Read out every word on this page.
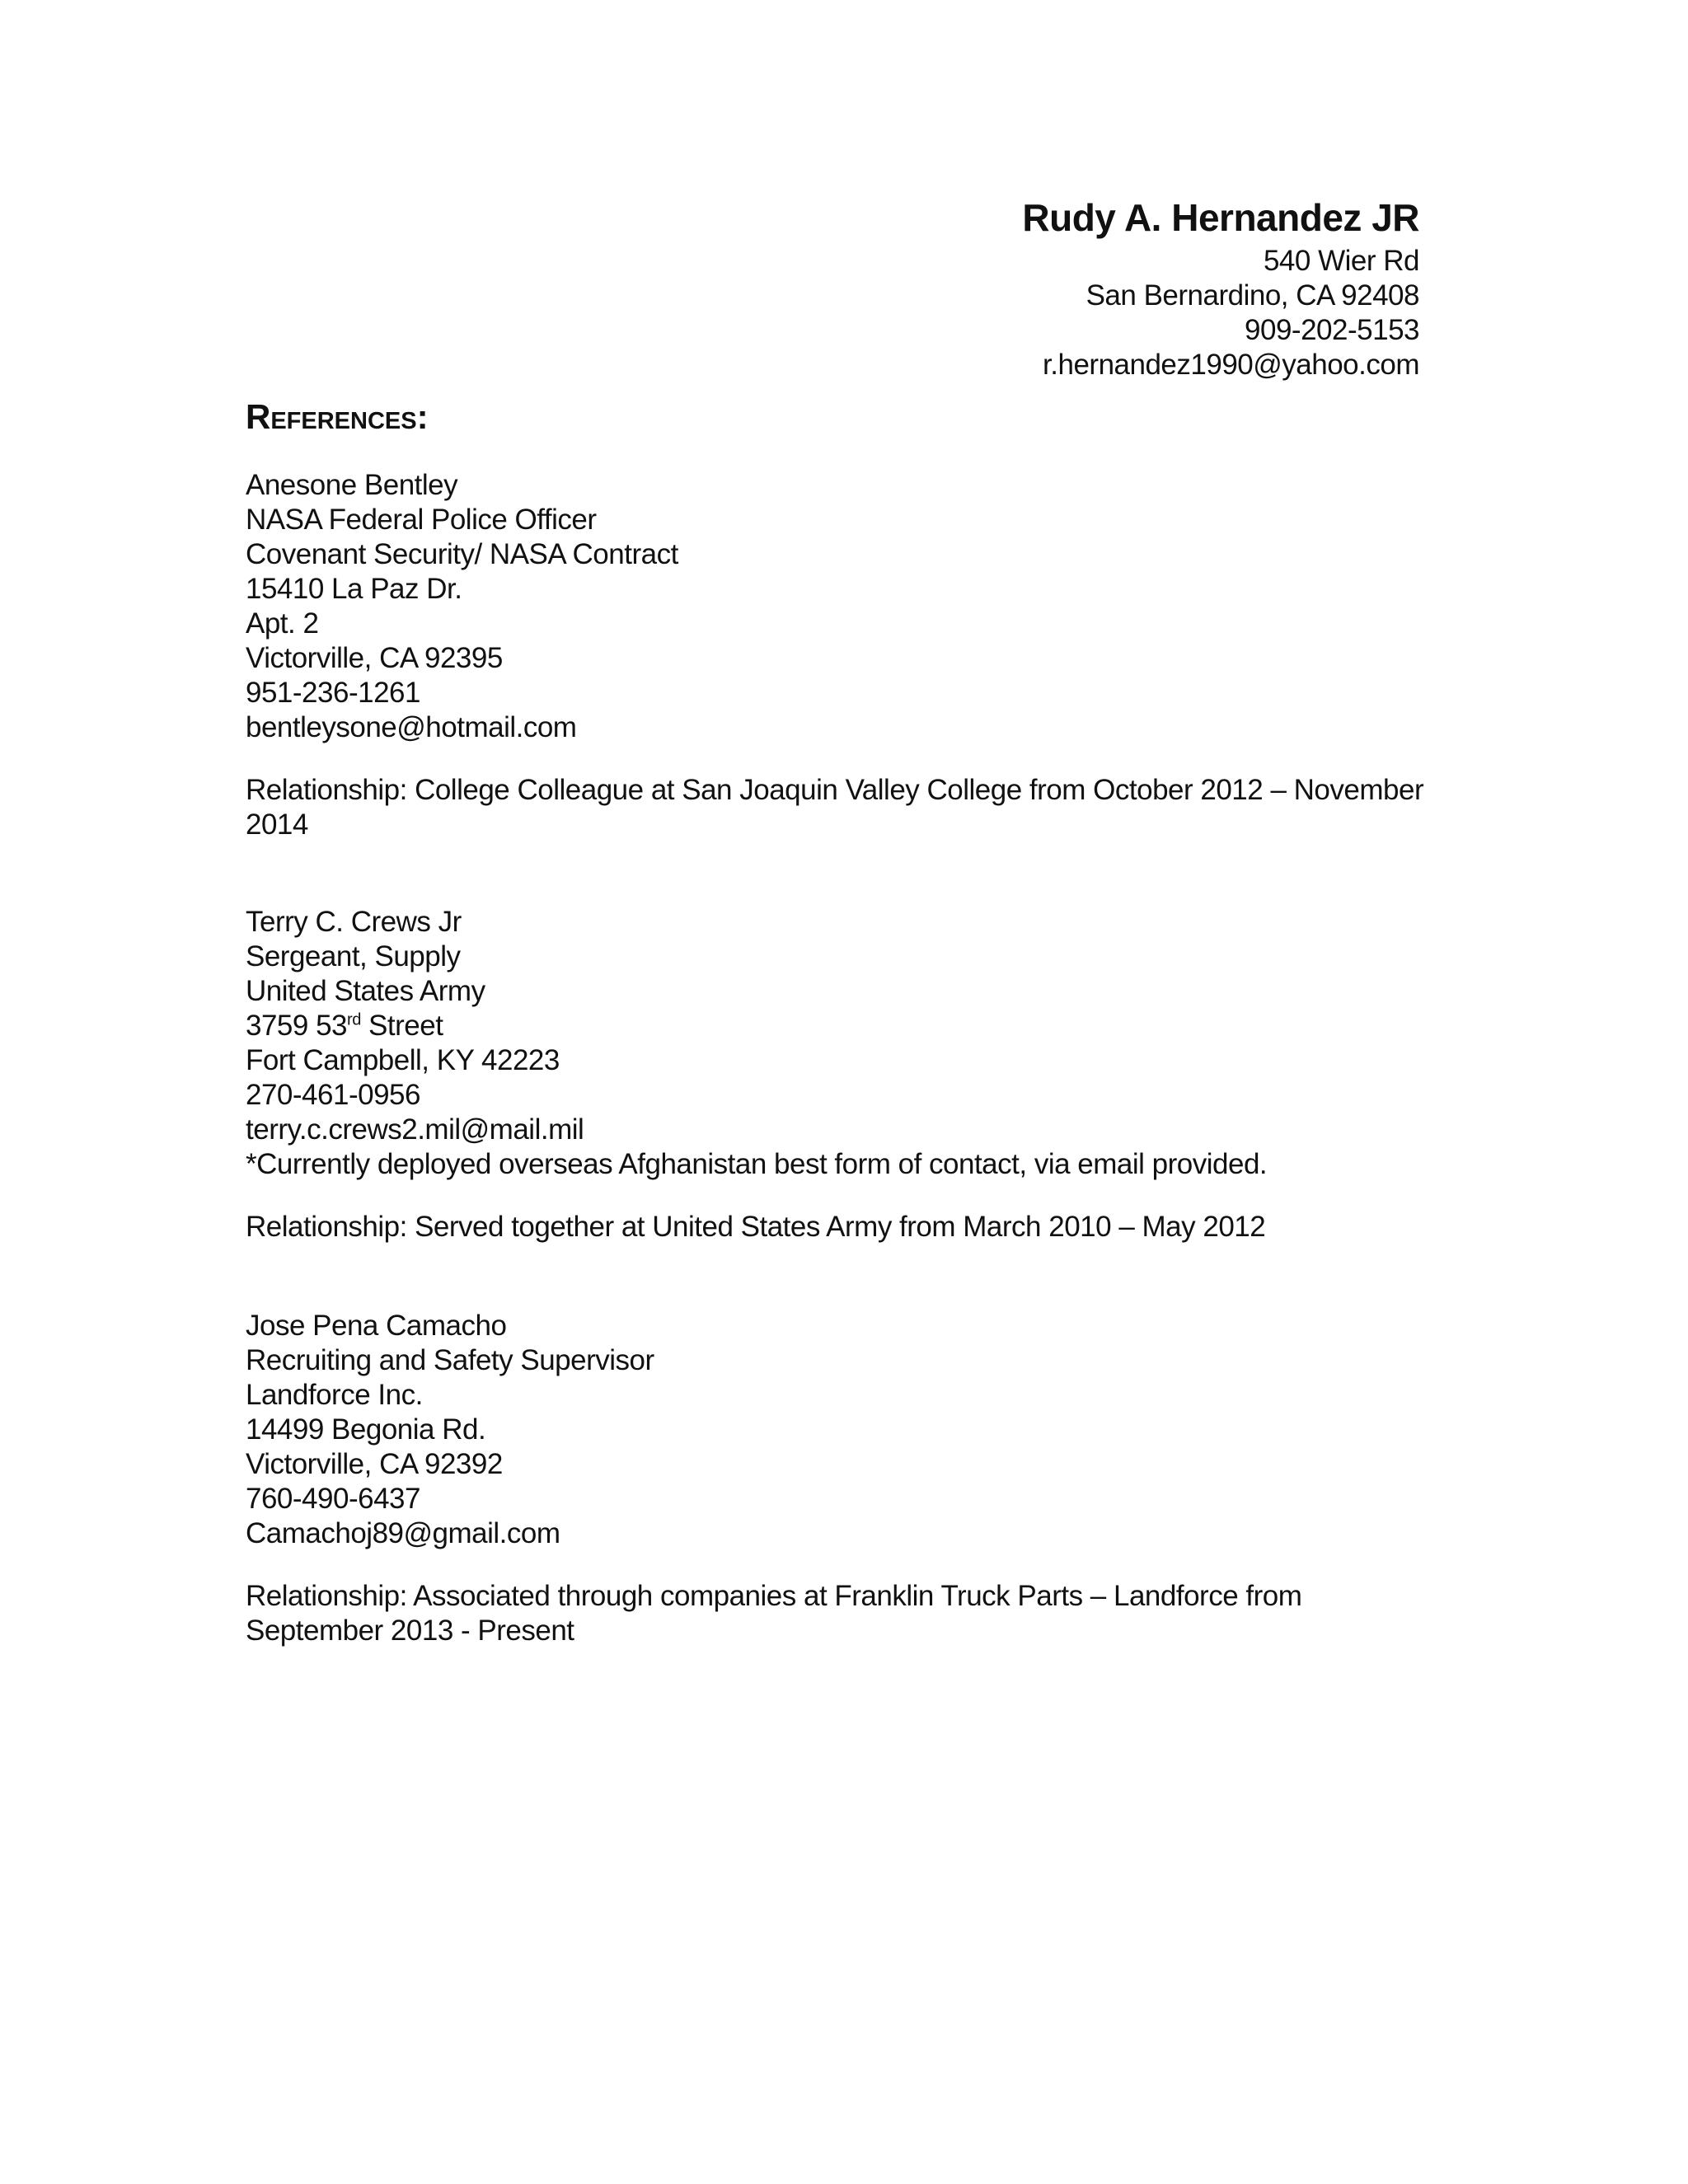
Rudy A. Hernandez JR
540 Wier Rd
San Bernardino, CA 92408
909-202-5153
r.hernandez1990@yahoo.com
References:
Anesone Bentley
NASA Federal Police Officer
Covenant Security/ NASA Contract
15410 La Paz Dr.
Apt. 2
Victorville, CA 92395
951-236-1261
bentleysone@hotmail.com
Relationship: College Colleague at San Joaquin Valley College from October 2012 – November 2014
Terry C. Crews Jr
Sergeant, Supply
United States Army
3759 53rd Street
Fort Campbell, KY 42223
270-461-0956
terry.c.crews2.mil@mail.mil
*Currently deployed overseas Afghanistan best form of contact, via email provided.
Relationship: Served together at United States Army from March 2010 – May 2012
Jose Pena Camacho
Recruiting and Safety Supervisor
Landforce Inc.
14499 Begonia Rd.
Victorville, CA 92392
760-490-6437
Camachoj89@gmail.com
Relationship: Associated through companies at Franklin Truck Parts – Landforce from September 2013 - Present
